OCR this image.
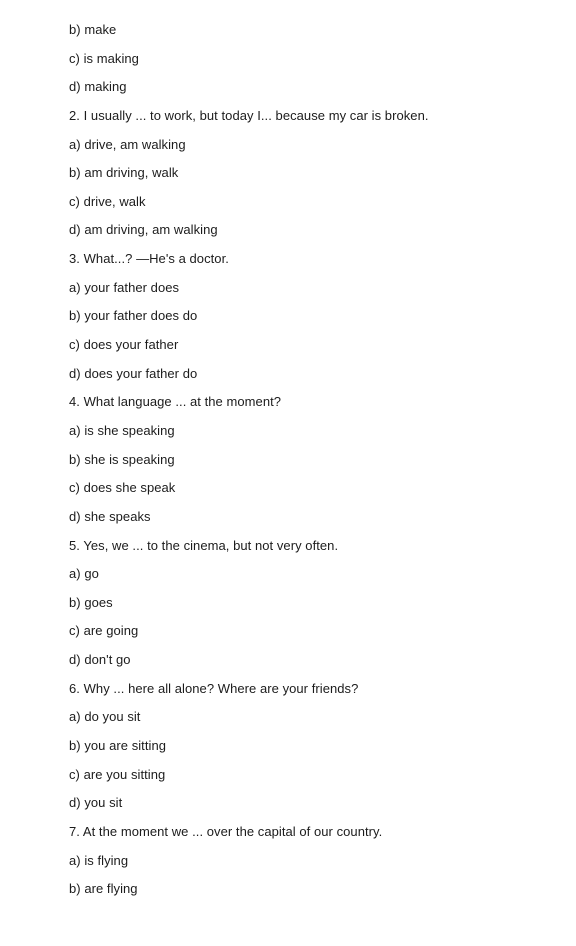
b) make
c) is making
d) making
2. I usually ... to work, but today I... because my car is broken.
a) drive, am walking
b) am driving, walk
c) drive, walk
d) am driving, am walking
3. What...? —He's a doctor.
a) your father does
b) your father does do
c) does your father
d) does your father do
4. What language ... at the moment?
a) is she speaking
b) she is speaking
c) does she speak
d) she speaks
5. Yes, we ... to the cinema, but not very often.
a) go
b) goes
c) are going
d) don't go
6. Why ... here all alone? Where are your friends?
a) do you sit
b) you are sitting
c) are you sitting
d) you sit
7. At the moment we ... over the capital of our country.
a) is flying
b) are flying
